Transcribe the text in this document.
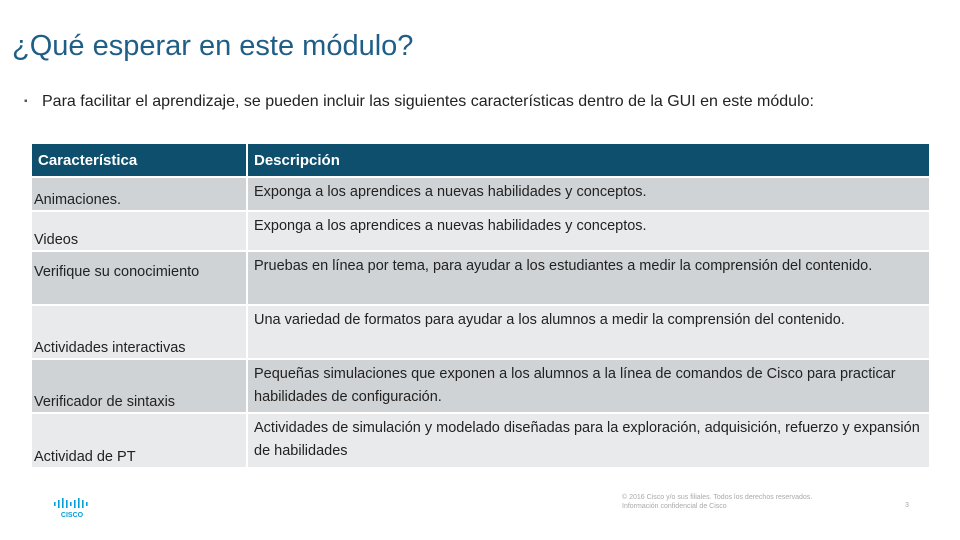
¿Qué esperar en este módulo?
▪ Para facilitar el aprendizaje, se pueden incluir las siguientes características dentro de la GUI en este módulo:
Característica	Descripción

Animaciones.	Exponga a los aprendices a nuevas habilidades y conceptos.

Videos	Exponga a los aprendices a nuevas habilidades y conceptos.

Verifique su conocimiento	Pruebas en línea por tema, para ayudar a los estudiantes a medir la comprensión del contenido.

Actividades interactivas	Una variedad de formatos para ayudar a los alumnos a medir la comprensión del contenido.

Verificador de sintaxis	Pequeñas simulaciones que exponen a los alumnos a la línea de comandos de Cisco para practicar habilidades de configuración.

Actividad de PT	Actividades de simulación y modelado diseñadas para la exploración, adquisición, refuerzo y expansión de habilidades
CISCO
© 2016 Cisco y/o sus filiales. Todos los derechos reservados.
Información confidencial de Cisco	3
